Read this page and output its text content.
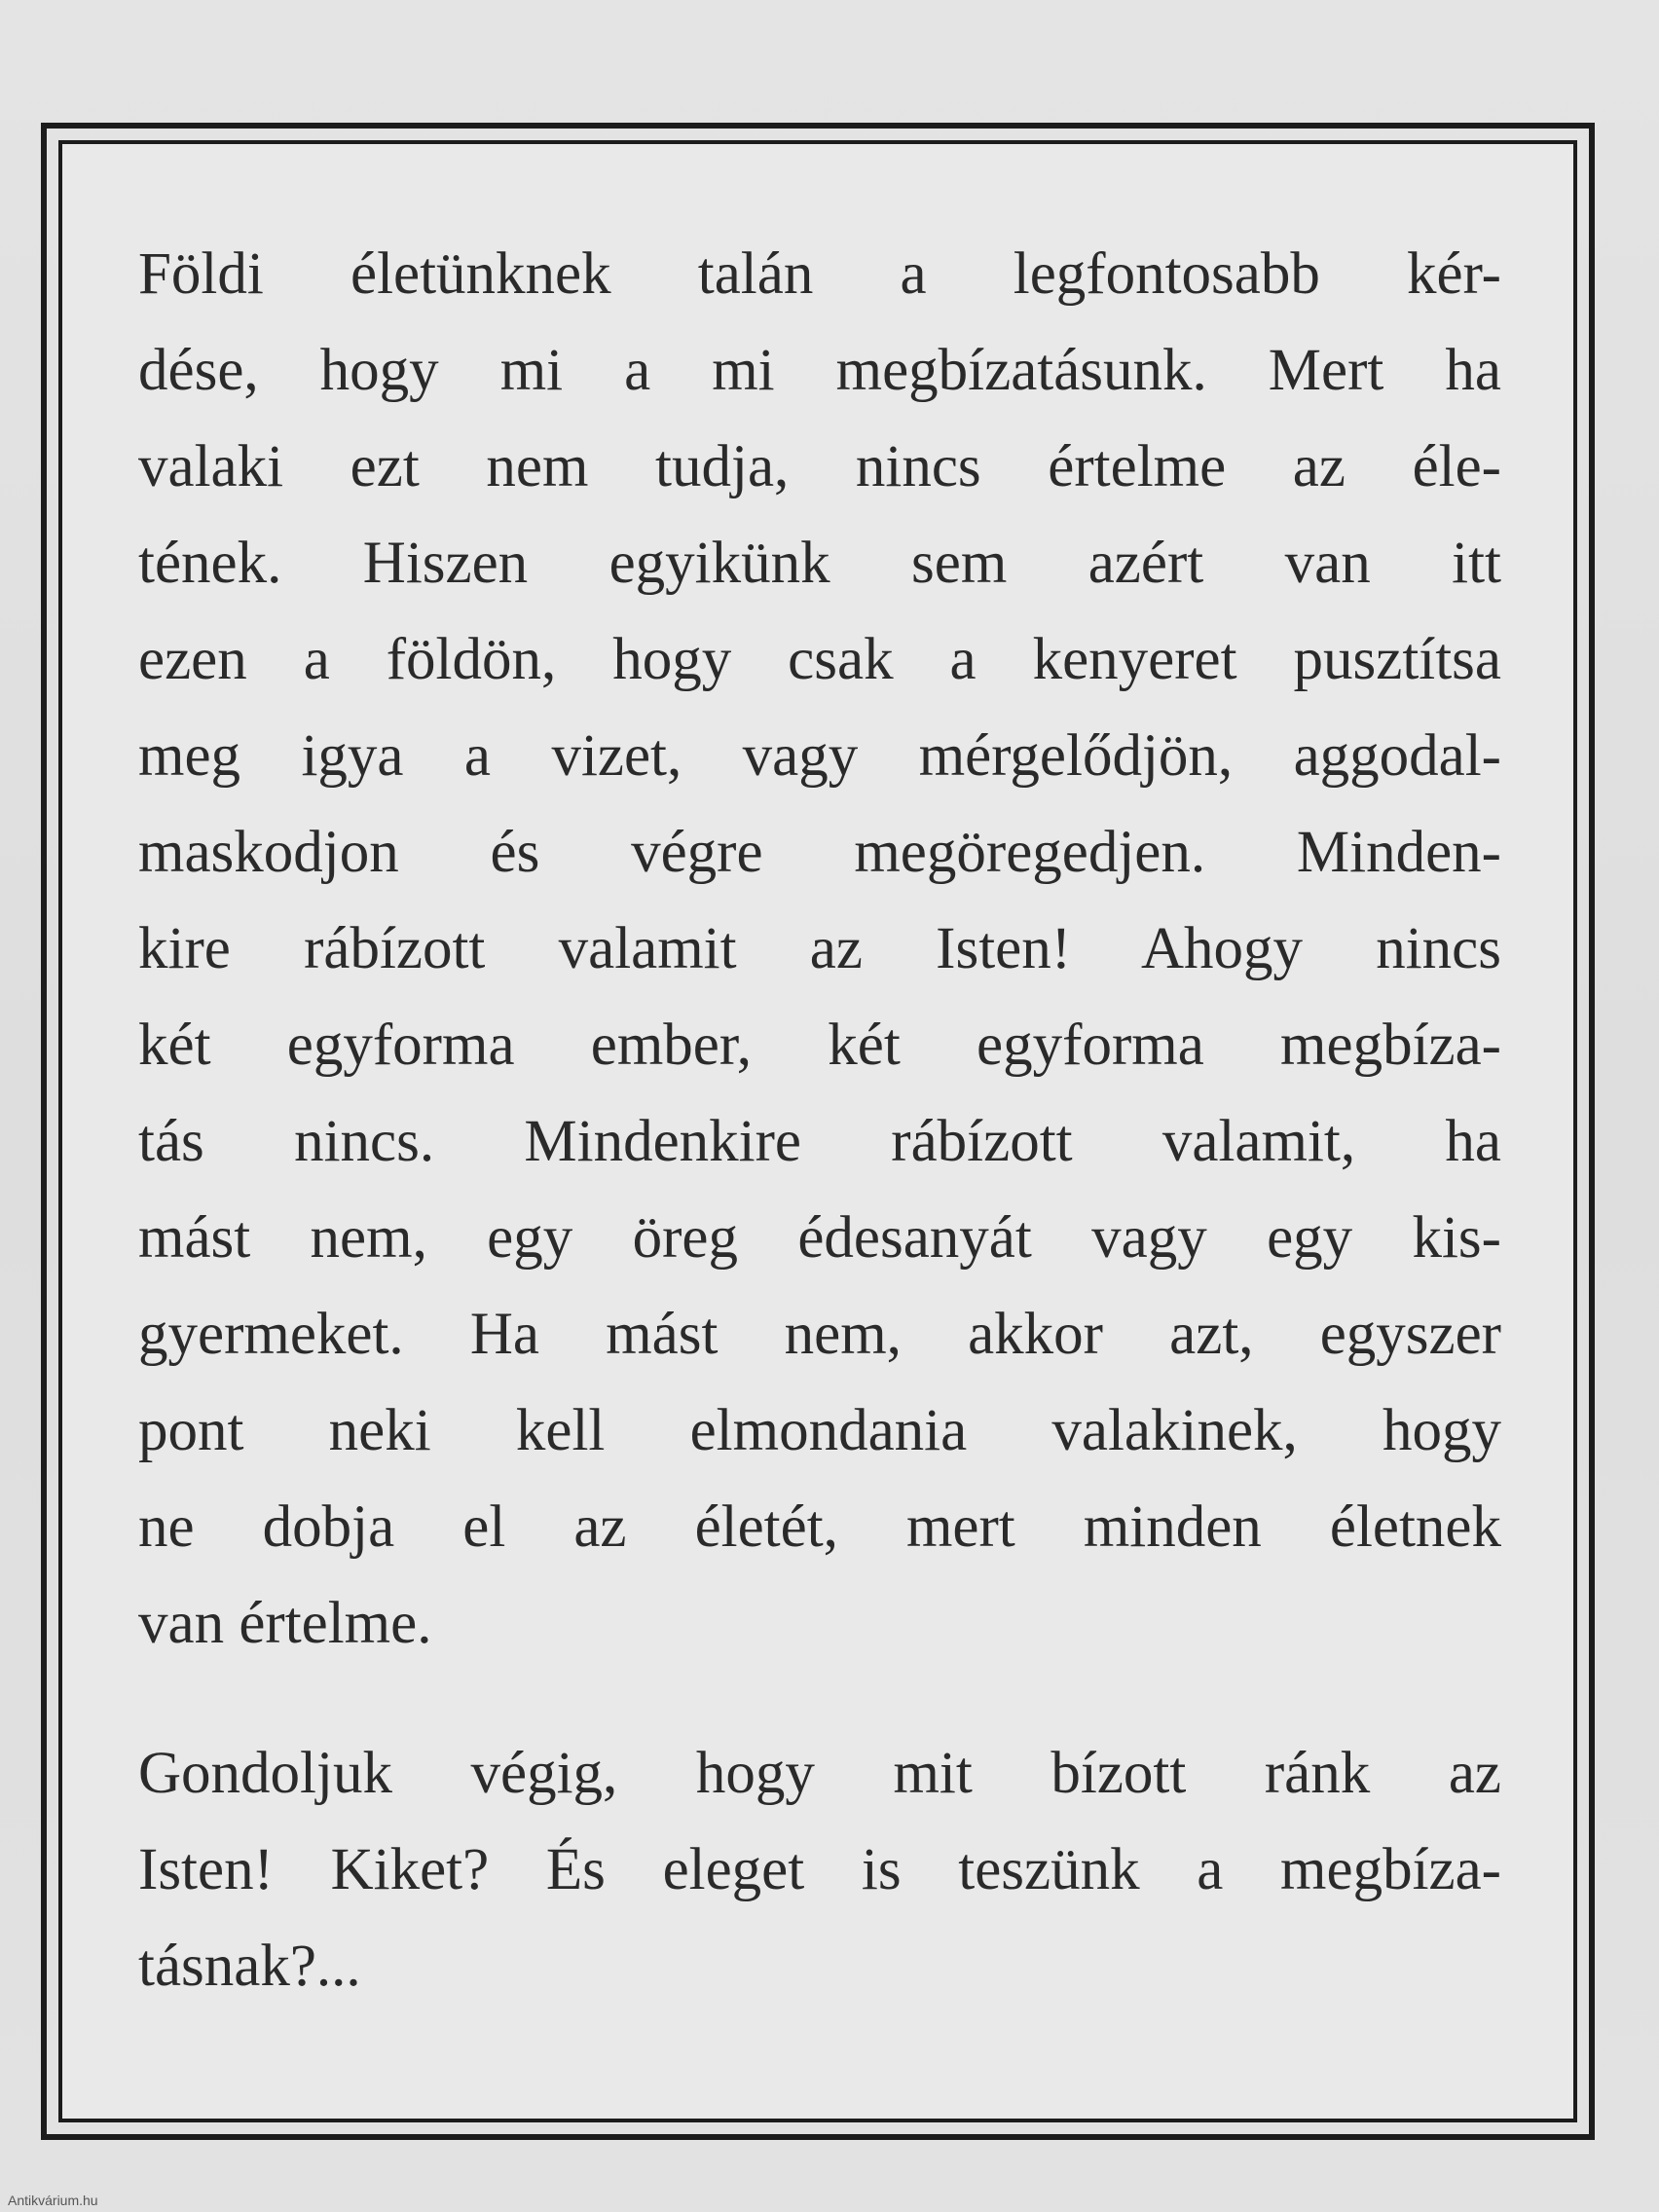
Földi életünknek talán a legfontosabb kér-
dése, hogy mi a mi megbízatásunk. Mert ha
valaki ezt nem tudja, nincs értelme az éle-
tének. Hiszen egyikünk sem azért van itt
ezen a földön, hogy csak a kenyeret pusztítsa
meg igya a vizet, vagy mérgelődjön, aggodal-
maskodjon és végre megöregedjen. Minden-
kire rábízott valamit az Isten! Ahogy nincs
két egyforma ember, két egyforma megbíza-
tás nincs. Mindenkire rábízott valamit, ha
mást nem, egy öreg édesanyát vagy egy kis-
gyermeket. Ha mást nem, akkor azt, egyszer
pont neki kell elmondania valakinek, hogy
ne dobja el az életét, mert minden életnek
van értelme.
Gondoljuk végig, hogy mit bízott ránk az
Isten! Kiket? És eleget is teszünk a megbíza-
tásnak?...
Antikvárium.hu
